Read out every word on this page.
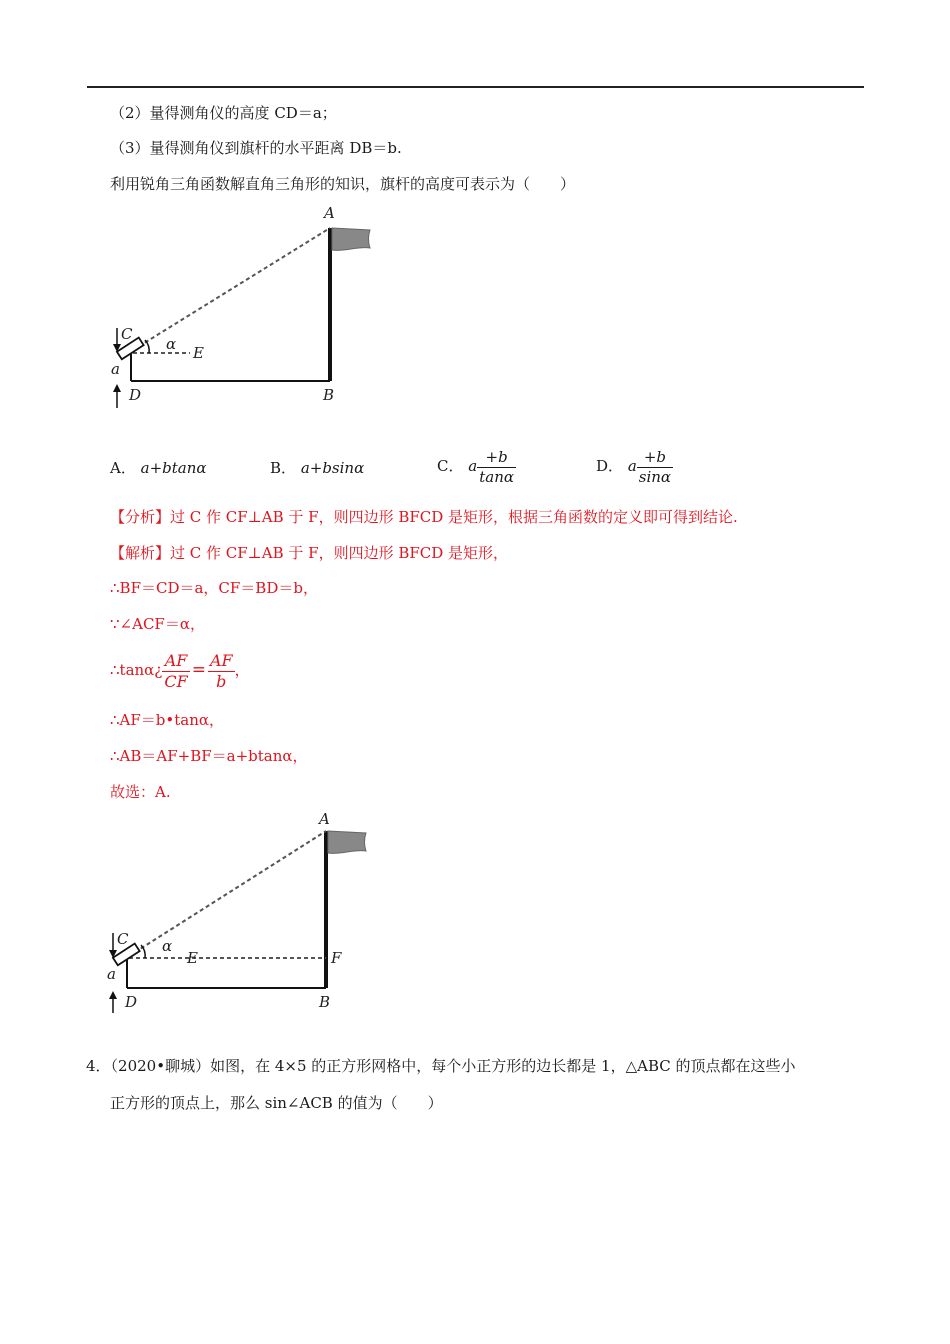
（2）量得测角仪的高度 CD＝a；
（3）量得测角仪到旗杆的水平距离 DB＝b.
利用锐角三角函数解直角三角形的知识，旗杆的高度可表示为（　　）
A
B
C
D
E
α
a
A． a+btanα	B． a+bsinα	C． a $\frac{+b}{\tan\alpha}$	D． a $\frac{+b}{\sin\alpha}$
【分析】过 C 作 CF⊥AB 于 F，则四边形 BFCD 是矩形，根据三角函数的定义即可得到结论.
【解析】过 C 作 CF⊥AB 于 F，则四边形 BFCD 是矩形，
∴BF＝CD＝a，CF＝BD＝b，
∵∠ACF＝α，
∴tanα¿ $\frac{AF}{CF} = \frac{AF}{b}$ ，
∴AF＝b•tanα，
∴AB＝AF+BF＝a+btanα，
故选：A.
A
B
C
D
E	F
α
a
4．（2020•聊城）如图，在 4×5 的正方形网格中，每个小正方形的边长都是 1，△ABC 的顶点都在这些小
正方形的顶点上，那么 sin∠ACB 的值为（　　）
